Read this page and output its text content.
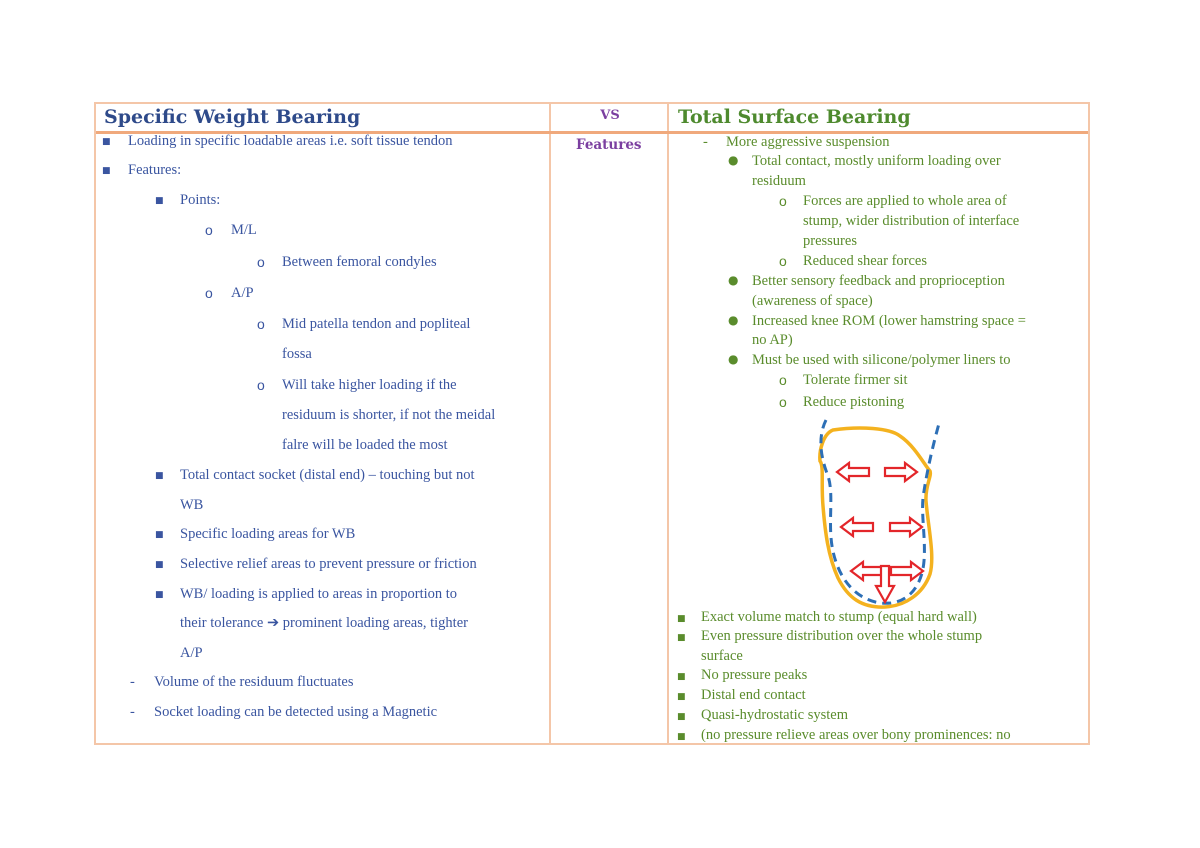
Specific Weight Bearing	VS	Total Surface Bearing
Features
■ Loading in specific loadable areas i.e. soft tissue tendon
■ Features:
■ Points:
o M/L
o Between femoral condyles
o A/P
o Mid patella tendon and popliteal
fossa
o Will take higher loading if the
residuum is shorter, if not the meidal
falre will be loaded the most
■ Total contact socket (distal end) – touching but not
WB
■ Specific loading areas for WB
■ Selective relief areas to prevent pressure or friction
■ WB/ loading is applied to areas in proportion to
their tolerance ➔ prominent loading areas, tighter
A/P
- Volume of the residuum fluctuates
- Socket loading can be detected using a Magnetic
- More aggressive suspension
● Total contact, mostly uniform loading over
residuum
o Forces are applied to whole area of
stump, wider distribution of interface
pressures
o Reduced shear forces
● Better sensory feedback and proprioception
(awareness of space)
● Increased knee ROM (lower hamstring space =
no AP)
● Must be used with silicone/polymer liners to
o Tolerate firmer sit
o Reduce pistoning
■ Exact volume match to stump (equal hard wall)
■ Even pressure distribution over the whole stump
surface
■ No pressure peaks
■ Distal end contact
■ Quasi-hydrostatic system
■ (no pressure relieve areas over bony prominences: no
